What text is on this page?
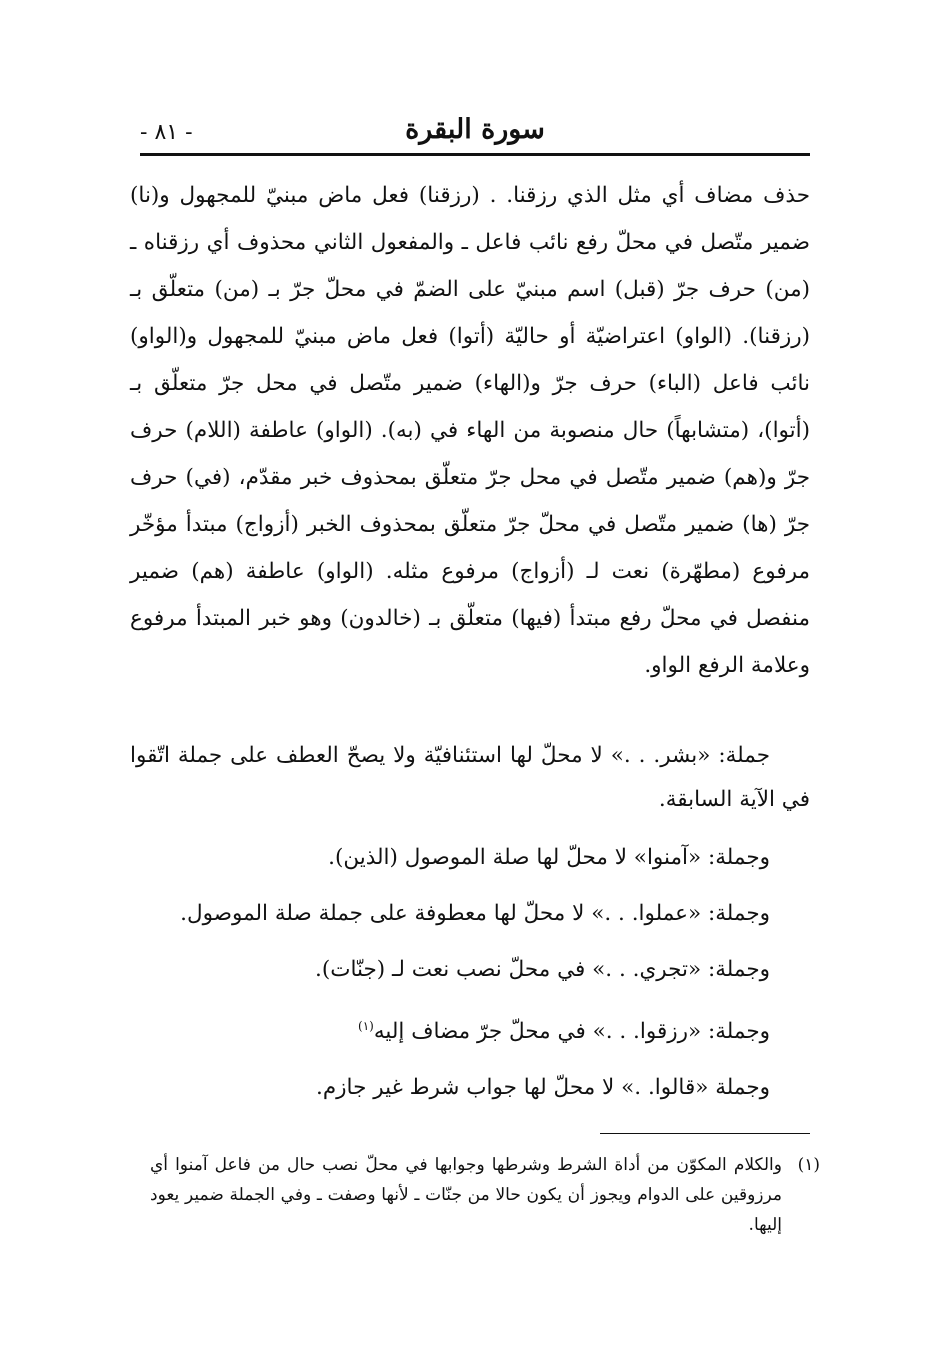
سورة البقرة
- ٨١ -

حذف مضاف أي مثل الذي رزقنا. . (رزقنا) فعل ماض مبنيّ للمجهول و(نا) ضمير متّصل في محلّ رفع نائب فاعل ـ والمفعول الثاني محذوف أي رزقناه ـ (من) حرف جرّ (قبل) اسم مبنيّ على الضمّ في محلّ جرّ بـ (من) متعلّق بـ (رزقنا). (الواو) اعتراضيّة أو حاليّة (أتوا) فعل ماض مبنيّ للمجهول و(الواو) نائب فاعل (الباء) حرف جرّ و(الهاء) ضمير متّصل في محل جرّ متعلّق بـ (أتوا)، (متشابهاً) حال منصوبة من الهاء في (به). (الواو) عاطفة (اللام) حرف جرّ و(هم) ضمير متّصل في محل جرّ متعلّق بمحذوف خبر مقدّم، (في) حرف جرّ (ها) ضمير متّصل في محلّ جرّ متعلّق بمحذوف الخبر (أزواج) مبتدأ مؤخّر مرفوع (مطهّرة) نعت لـ (أزواج) مرفوع مثله. (الواو) عاطفة (هم) ضمير منفصل في محلّ رفع مبتدأ (فيها) متعلّق بـ (خالدون) وهو خبر المبتدأ مرفوع وعلامة الرفع الواو.

جملة: «بشر. . .» لا محلّ لها استئنافيّة ولا يصحّ العطف على جملة اتّقوا في الآية السابقة.

وجملة: «آمنوا» لا محلّ لها صلة الموصول (الذين).
وجملة: «عملوا. . .» لا محلّ لها معطوفة على جملة صلة الموصول.
وجملة: «تجري. . .» في محلّ نصب نعت لـ (جنّات).
وجملة: «رزقوا. . .» في محلّ جرّ مضاف إليه$^{(١)}$
وجملة «قالوا. .» لا محلّ لها جواب شرط غير جازم.
(١)
والكلام المكوّن من أداة الشرط وشرطها وجوابها في محلّ نصب حال من فاعل آمنوا أي مرزوقين على الدوام ويجوز أن يكون حالا من جنّات ـ لأنها وصفت ـ وفي الجملة ضمير يعود إليها.
